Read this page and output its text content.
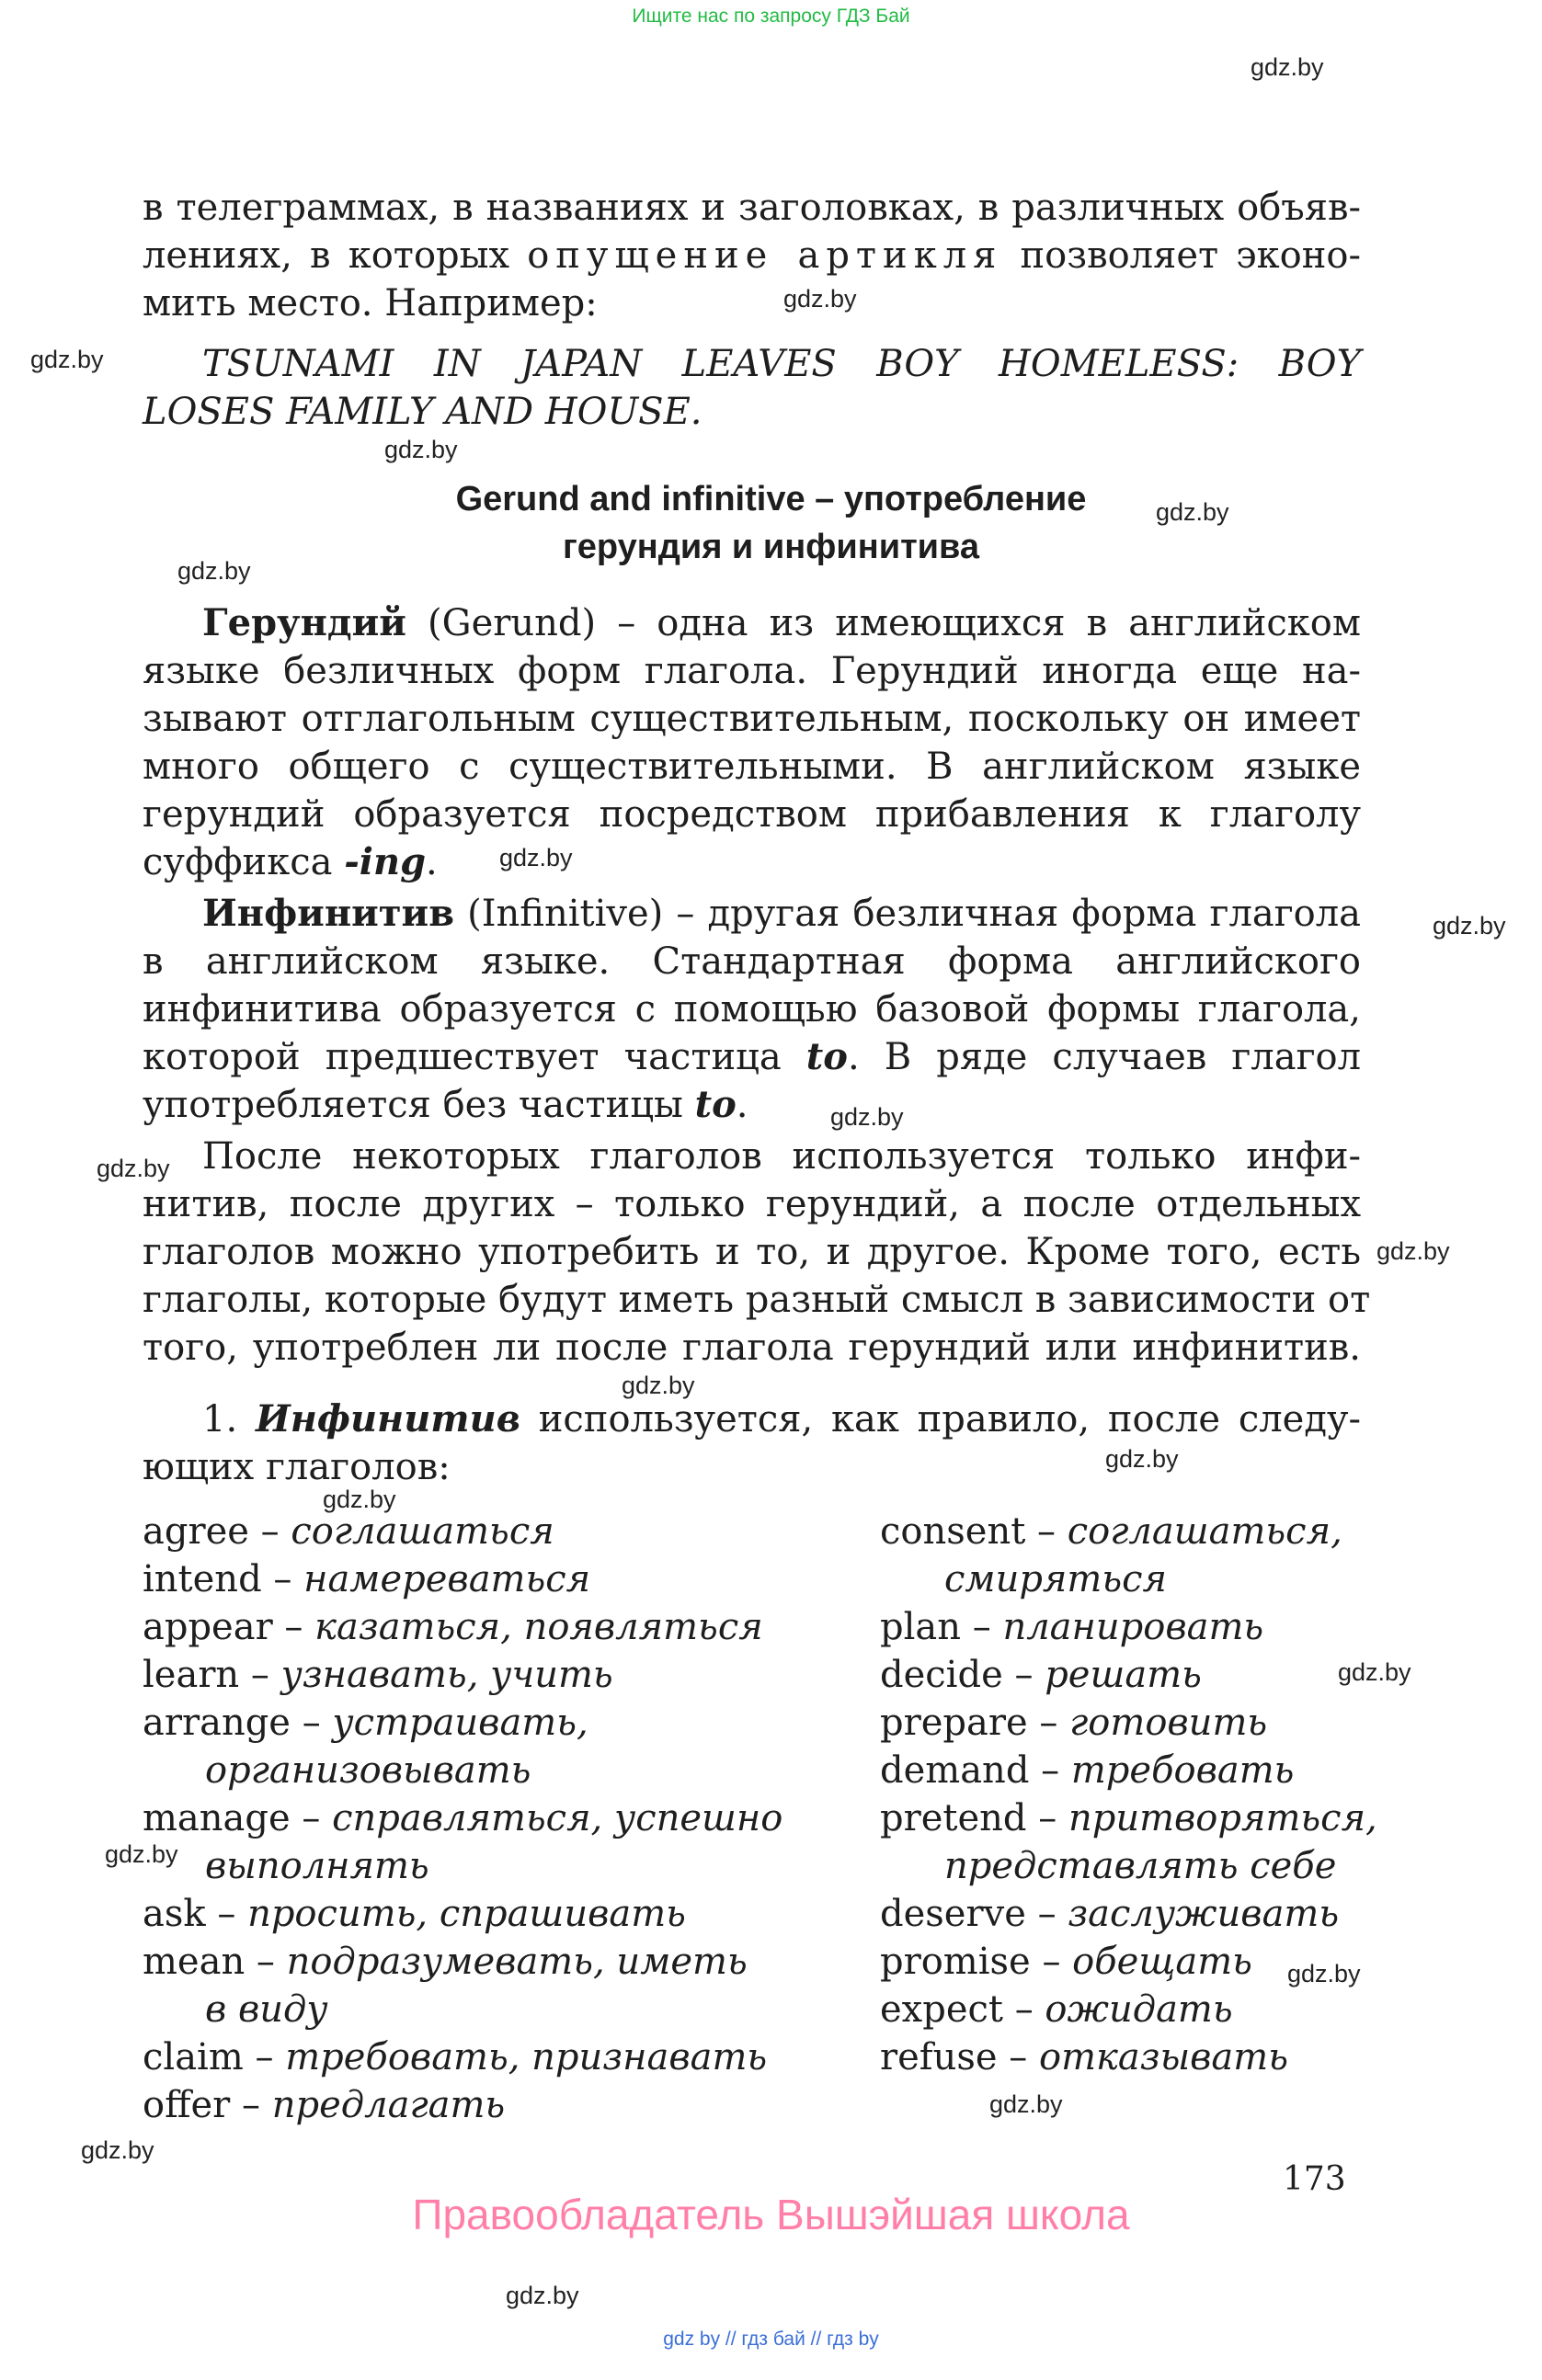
Ищите нас по запросу ГДЗ Бай
gdz.by
gdz.by
gdz.by
gdz.by
gdz.by
gdz.by
gdz.by
gdz.by
gdz.by
gdz.by
gdz.by
gdz.by
gdz.by
gdz.by
gdz.by
gdz.by
gdz.by
gdz.by
gdz.by
gdz.by
в телеграммах, в названиях и заголовках, в различных объяв-
лениях, в которых опущение артикля позволяет эконо-
мить место. Например:
TSUNAMI IN JAPAN LEAVES BOY HOMELESS: BOY
LOSES FAMILY AND HOUSE.
Gerund and infinitive – употребление
герундия и инфинитива
Герундий (Gerund) – одна из имеющихся в английском
языке безличных форм глагола. Герундий иногда еще на-
зывают отглагольным существительным, поскольку он имеет
много общего с существительными. В английском языке
герундий образуется посредством прибавления к глаголу
суффикса -ing.
Инфинитив (Infinitive) – другая безличная форма глагола
в английском языке. Стандартная форма английского
инфинитива образуется с помощью базовой формы глагола,
которой предшествует частица to. В ряде случаев глагол
употребляется без частицы to.
После некоторых глаголов используется только инфи-
нитив, после других – только герундий, а после отдельных
глаголов можно употребить и то, и другое. Кроме того, есть
глаголы, которые будут иметь разный смысл в зависимости от
того, употреблен ли после глагола герундий или инфинитив.
1. Инфинитив используется, как правило, после следу-
ющих глаголов:
agree – соглашаться
intend – намереваться
appear – казаться, появляться
learn – узнавать, учить
arrange – устраивать,
организовывать
manage – справляться, успешно
выполнять
ask – просить, спрашивать
mean – подразумевать, иметь
в виду
claim – требовать, признавать
offer – предлагать
consent – соглашаться,
смиряться
plan – планировать
decide – решать
prepare – готовить
demand – требовать
pretend – притворяться,
представлять себе
deserve – заслуживать
promise – обещать
expect – ожидать
refuse – отказывать
173
Правообладатель Вышэйшая школа
gdz by // гдз бай // гдз by
